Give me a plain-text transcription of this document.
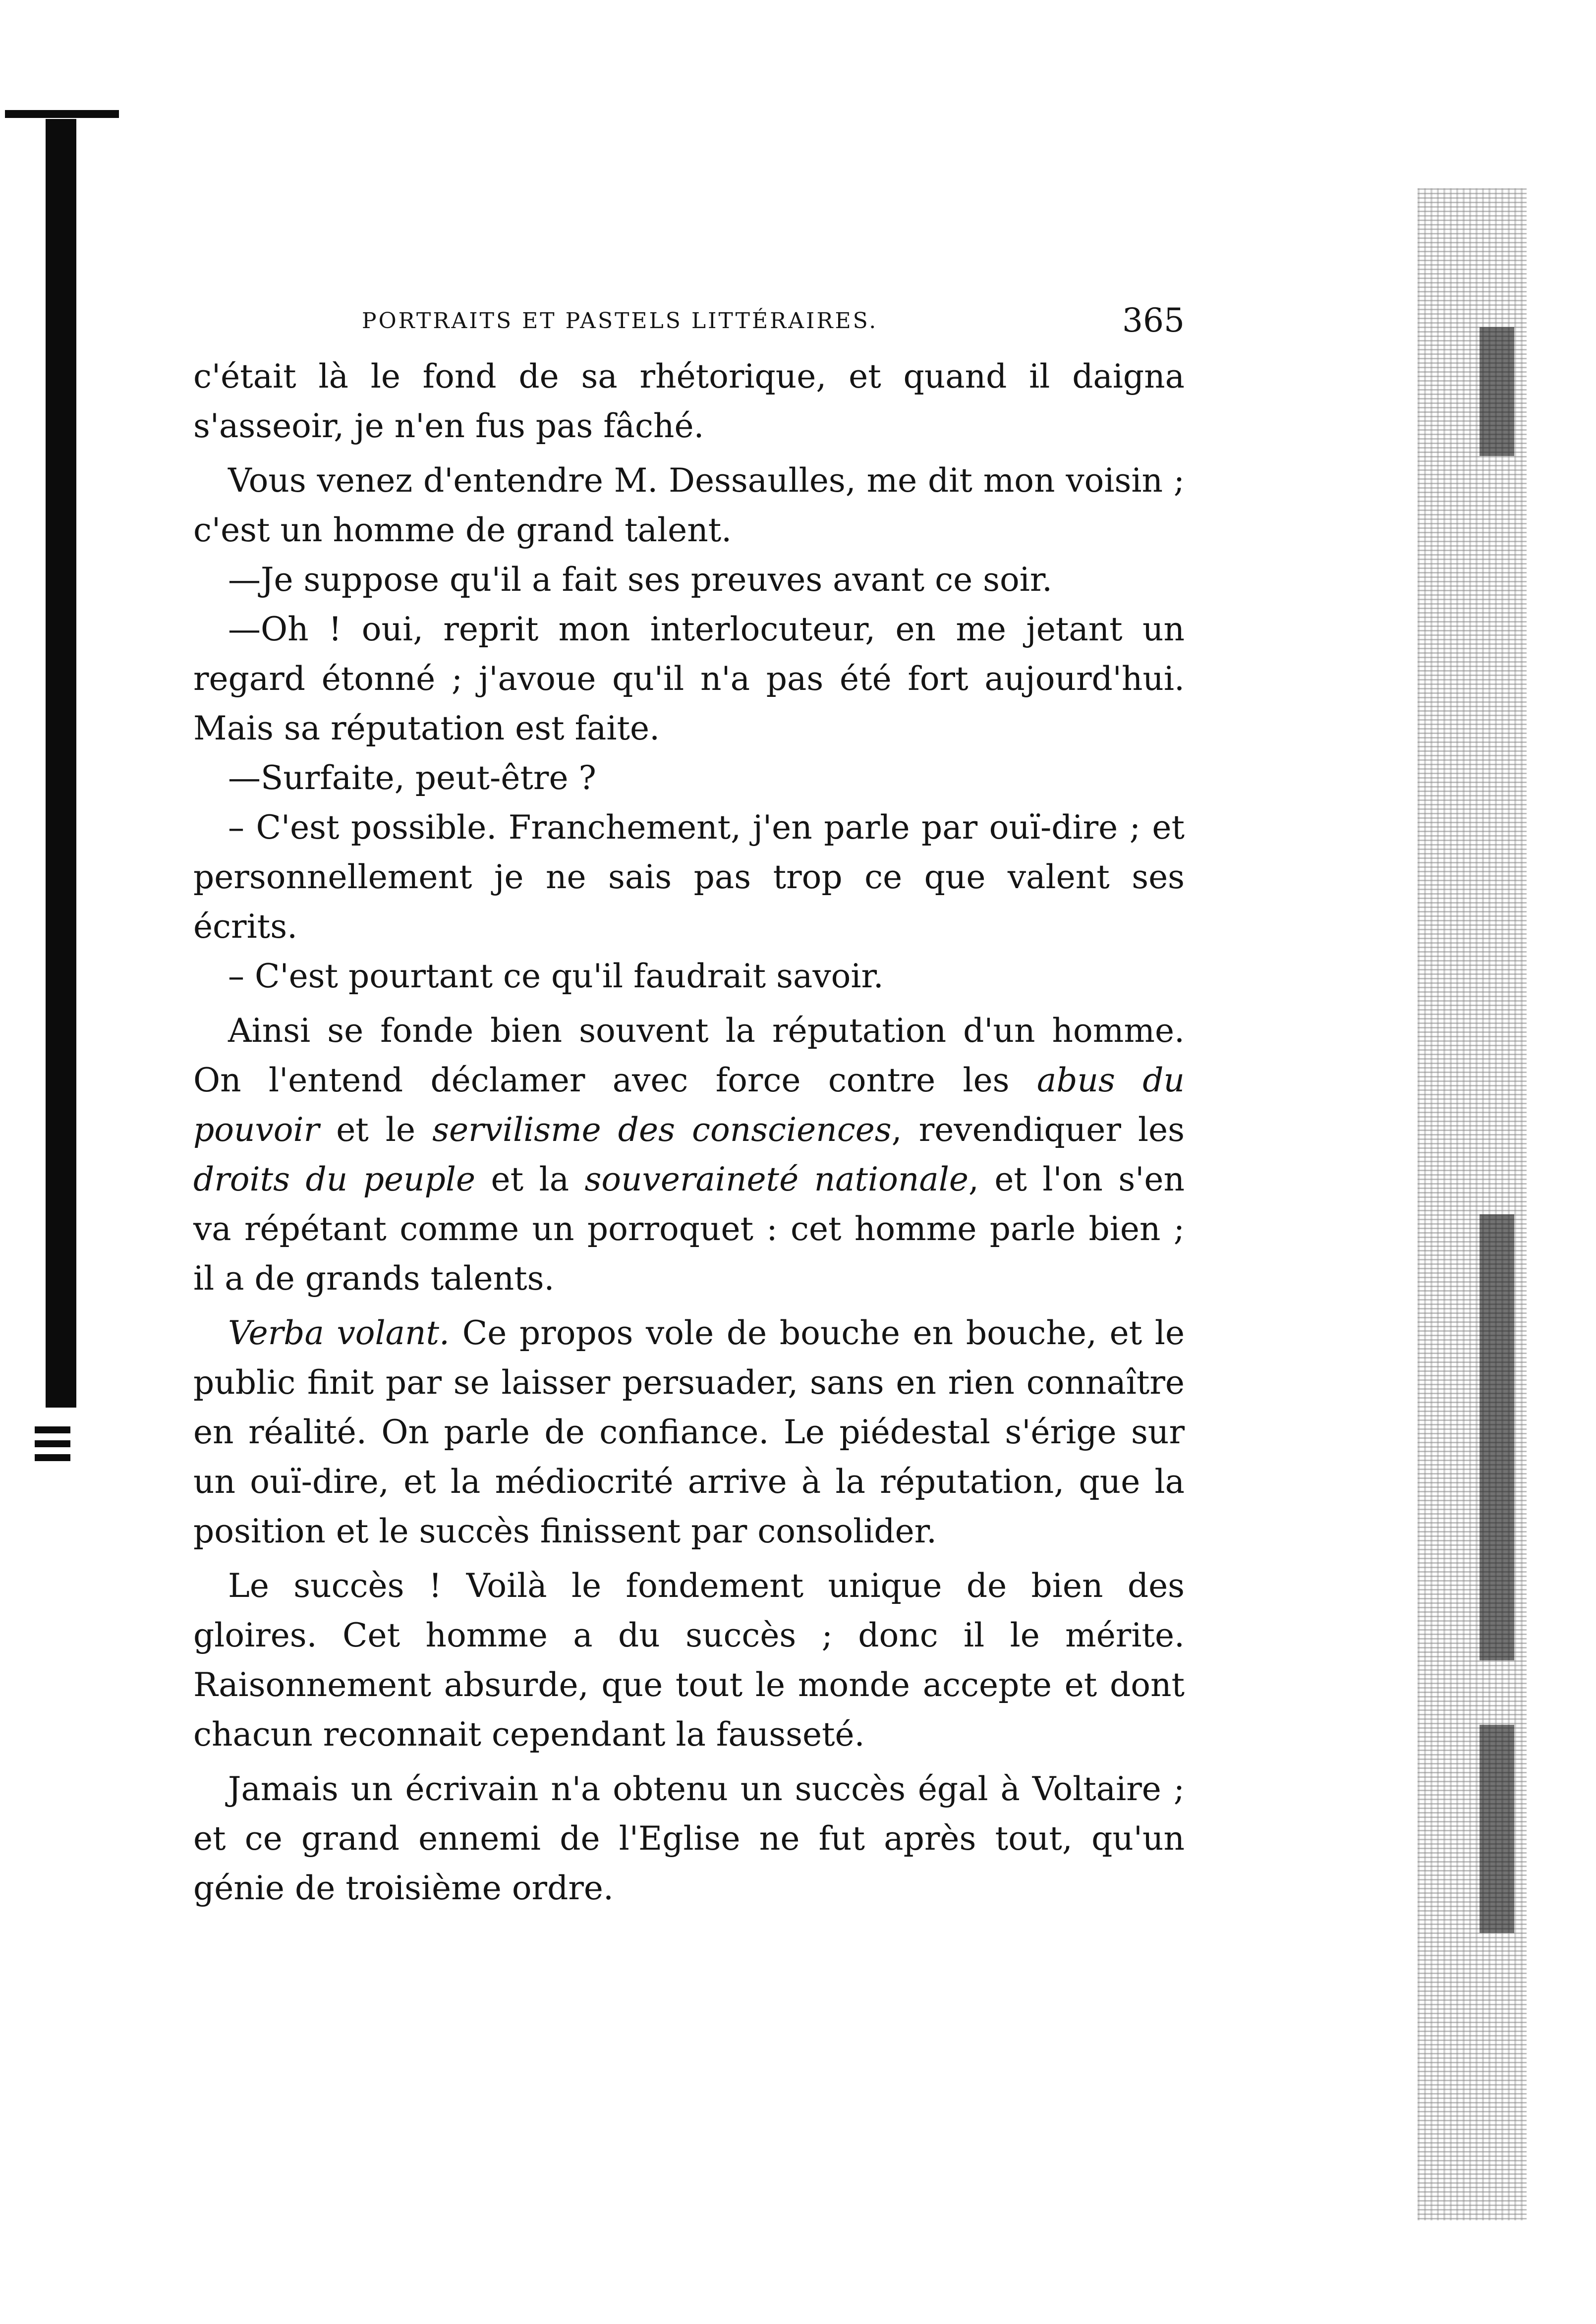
PORTRAITS ET PASTELS LITTÉRAIRES.	365

c'était là le fond de sa rhétorique, et quand il daigna s'asseoir, je n'en fus pas fâché.

Vous venez d'entendre M. Dessaulles, me dit mon voisin ; c'est un homme de grand talent.

—Je suppose qu'il a fait ses preuves avant ce soir.

—Oh ! oui, reprit mon interlocuteur, en me jetant un regard étonné ; j'avoue qu'il n'a pas été fort aujourd'hui. Mais sa réputation est faite.

—Surfaite, peut-être ?

– C'est possible. Franchement, j'en parle par ouï-dire ; et personnellement je ne sais pas trop ce que valent ses écrits.

– C'est pourtant ce qu'il faudrait savoir.

Ainsi se fonde bien souvent la réputation d'un homme. On l'entend déclamer avec force contre les abus du pouvoir et le servilisme des consciences, revendiquer les droits du peuple et la souveraineté nationale, et l'on s'en va répétant comme un porroquet : cet homme parle bien ; il a de grands talents.

Verba volant. Ce propos vole de bouche en bouche, et le public finit par se laisser persuader, sans en rien connaître en réalité. On parle de confiance. Le piédestal s'érige sur un ouï-dire, et la médiocrité arrive à la réputation, que la position et le succès finissent par consolider.

Le succès ! Voilà le fondement unique de bien des gloires. Cet homme a du succès ; donc il le mérite. Raisonnement absurde, que tout le monde accepte et dont chacun reconnait cependant la fausseté.

Jamais un écrivain n'a obtenu un succès égal à Voltaire ; et ce grand ennemi de l'Eglise ne fut après tout, qu'un génie de troisième ordre.
